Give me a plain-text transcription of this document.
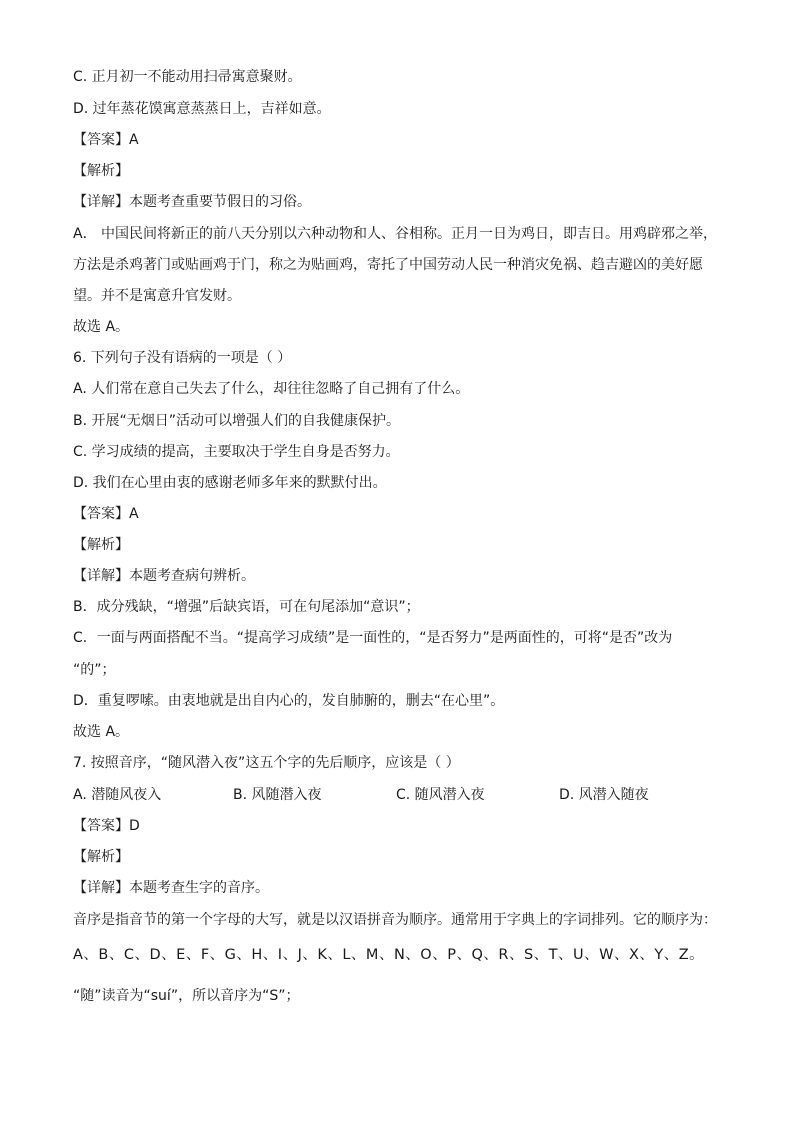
C. 正月初一不能动用扫帚寓意聚财。
D. 过年蒸花馍寓意蒸蒸日上，吉祥如意。
【答案】A
【解析】
【详解】本题考查重要节假日的习俗。
A． 中国民间将新正的前八天分别以六种动物和人、谷相称。正月一日为鸡日，即吉日。用鸡辟邪之举，
方法是杀鸡著门或贴画鸡于门，称之为贴画鸡，寄托了中国劳动人民一种消灾免祸、趋吉避凶的美好愿
望。并不是寓意升官发财。
故选 A。
6. 下列句子没有语病的一项是（ ）
A. 人们常在意自己失去了什么，却往往忽略了自己拥有了什么。
B. 开展“无烟日”活动可以增强人们的自我健康保护。
C. 学习成绩的提高，主要取决于学生自身是否努力。
D. 我们在心里由衷的感谢老师多年来的默默付出。
【答案】A
【解析】
【详解】本题考查病句辨析。
B．成分残缺，“增强”后缺宾语，可在句尾添加“意识”；
C．一面与两面搭配不当。“提高学习成绩”是一面性的，“是否努力”是两面性的，可将“是否”改为
“的”；
D．重复啰嗦。由衷地就是出自内心的，发自肺腑的，删去“在心里”。
故选 A。
7. 按照音序，“随风潜入夜”这五个字的先后顺序，应该是（ ）
A. 潜随风夜入	B. 风随潜入夜	C. 随风潜入夜	D. 风潜入随夜
【答案】D
【解析】
【详解】本题考查生字的音序。
音序是指音节的第一个字母的大写，就是以汉语拼音为顺序。通常用于字典上的字词排列。它的顺序为：
A、B、C、D、E、F、G、H、I、J、K、L、M、N、O、P、Q、R、S、T、U、W、X、Y、Z。
“随”读音为“suí”，所以音序为“S”；
